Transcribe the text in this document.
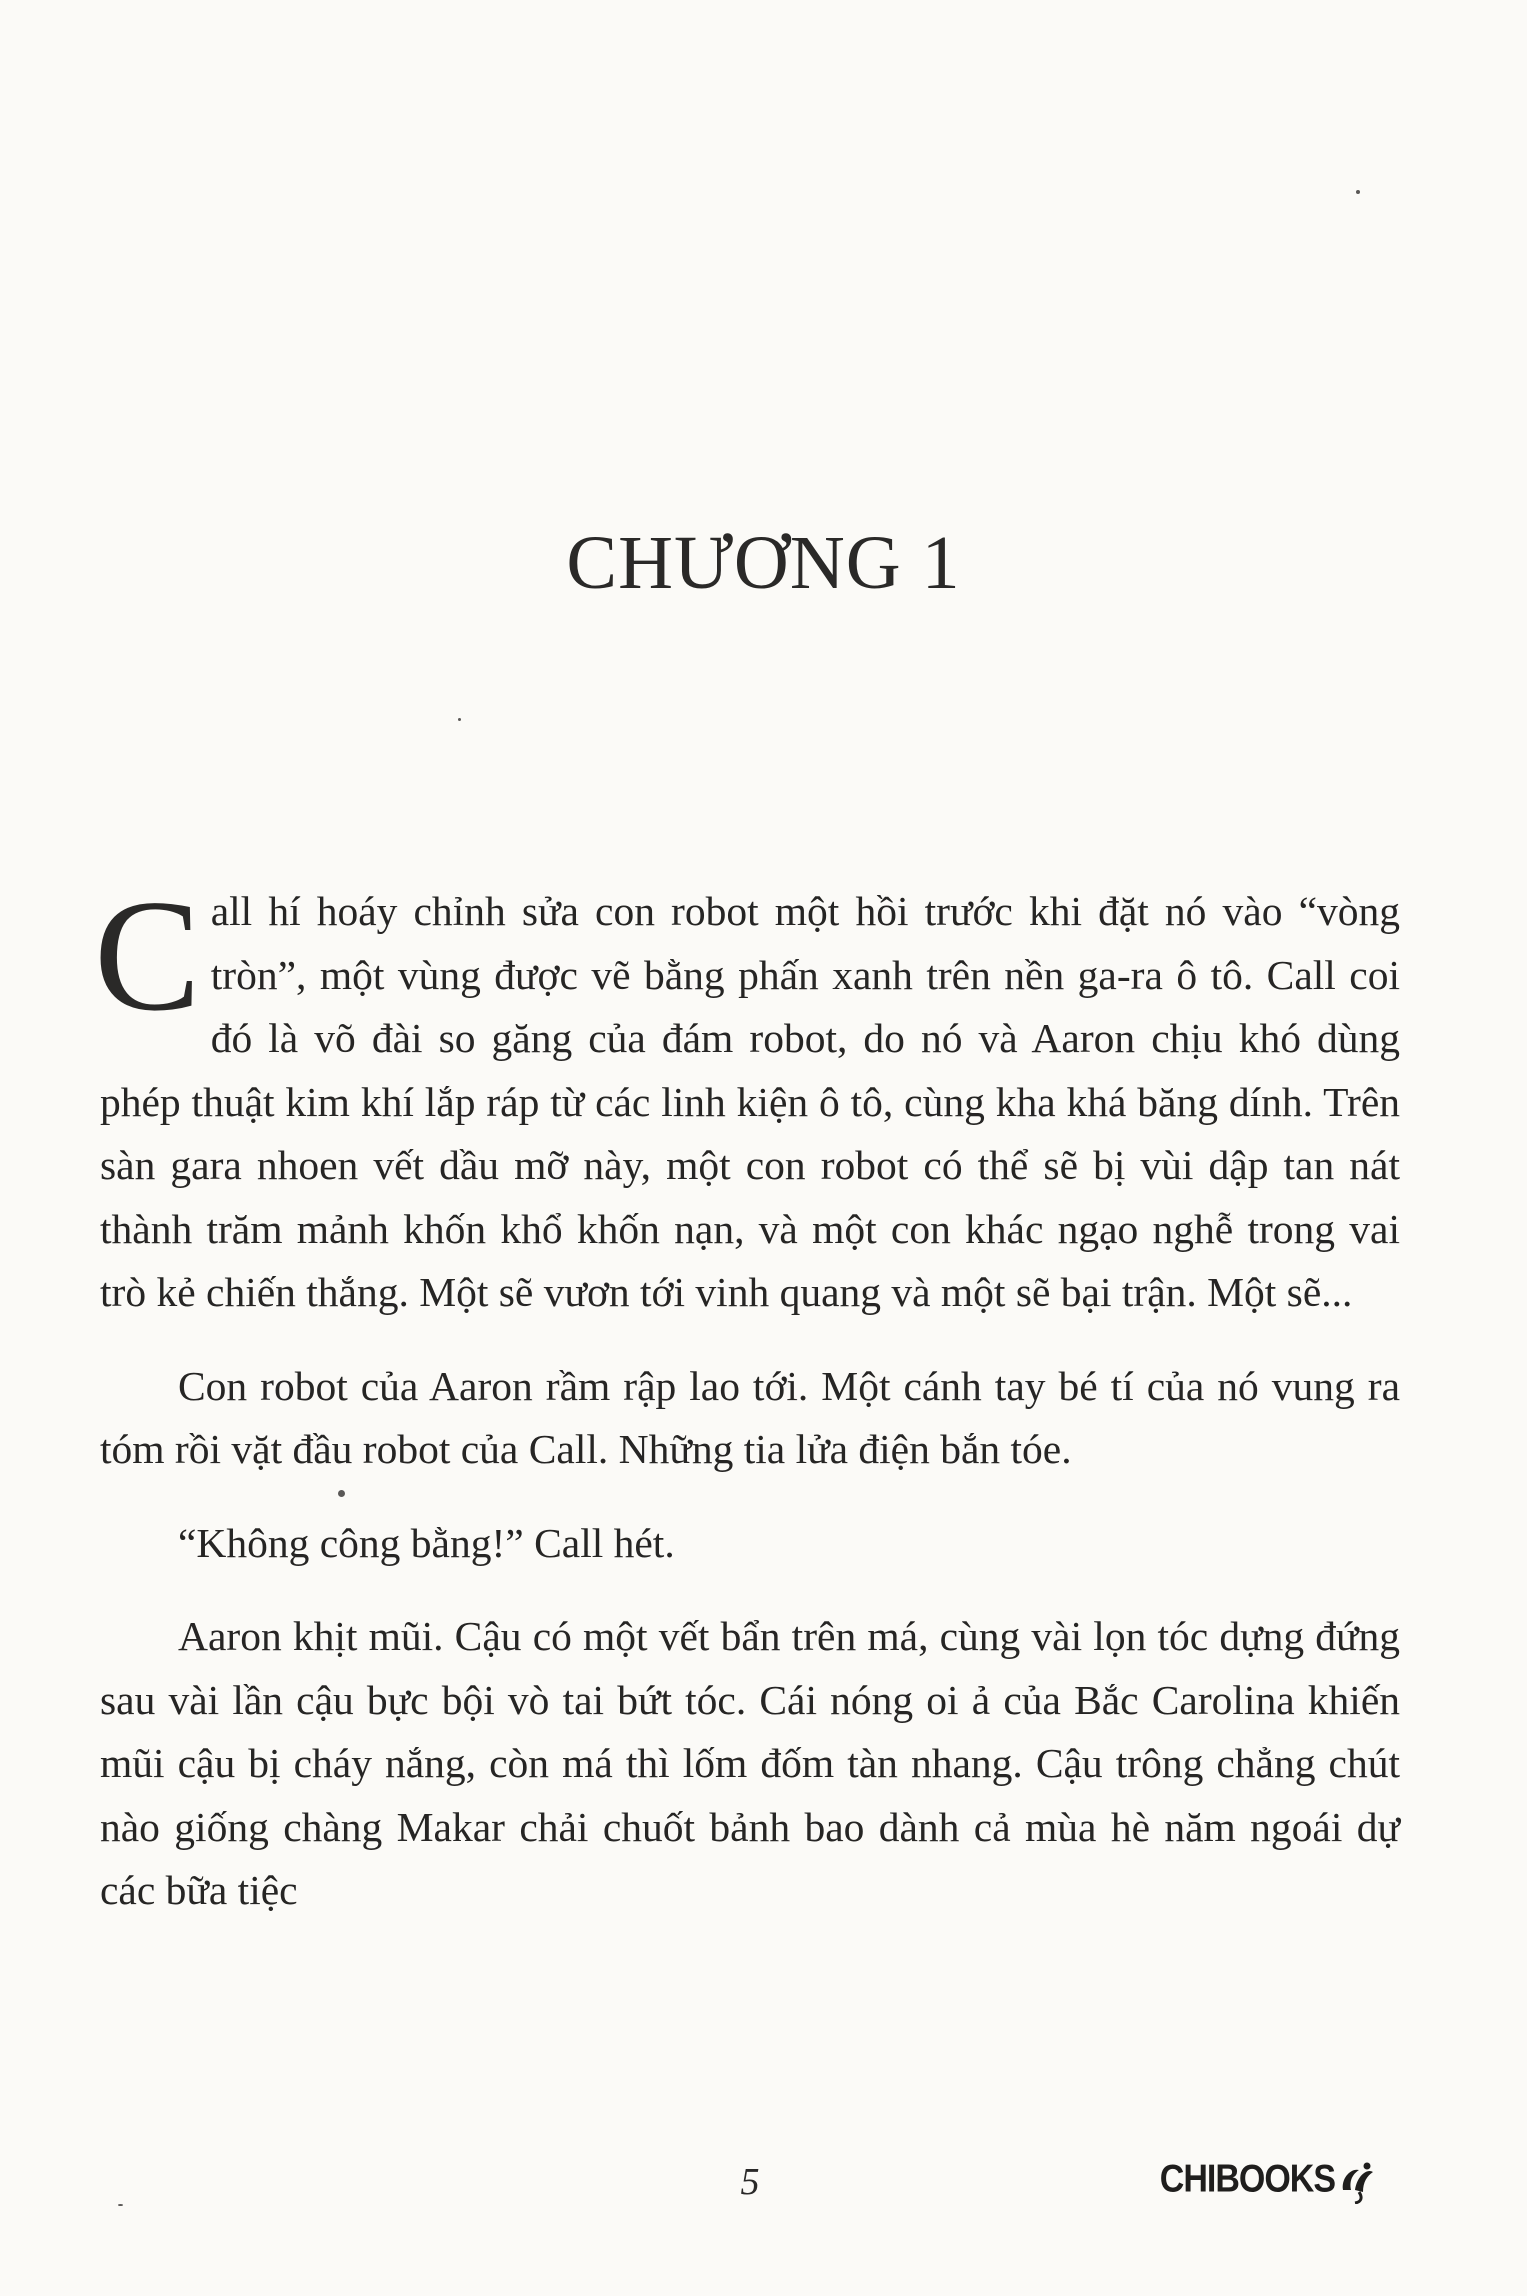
CHƯƠNG 1

Call hí hoáy chỉnh sửa con robot một hồi trước khi đặt nó vào “vòng tròn”, một vùng được vẽ bằng phấn xanh trên nền ga-ra ô tô. Call coi đó là võ đài so găng của đám robot, do nó và Aaron chịu khó dùng phép thuật kim khí lắp ráp từ các linh kiện ô tô, cùng kha khá băng dính. Trên sàn gara nhoen vết dầu mỡ này, một con robot có thể sẽ bị vùi dập tan nát thành trăm mảnh khốn khổ khốn nạn, và một con khác ngạo nghễ trong vai trò kẻ chiến thắng. Một sẽ vươn tới vinh quang và một sẽ bại trận. Một sẽ...

Con robot của Aaron rầm rập lao tới. Một cánh tay bé tí của nó vung ra tóm rồi vặt đầu robot của Call. Những tia lửa điện bắn tóe.

“Không công bằng!” Call hét.

Aaron khịt mũi. Cậu có một vết bẩn trên má, cùng vài lọn tóc dựng đứng sau vài lần cậu bực bội vò tai bứt tóc. Cái nóng oi ả của Bắc Carolina khiến mũi cậu bị cháy nắng, còn má thì lốm đốm tàn nhang. Cậu trông chẳng chút nào giống chàng Makar chải chuốt bảnh bao dành cả mùa hè năm ngoái dự các bữa tiệc

5	CHIBOOKS
